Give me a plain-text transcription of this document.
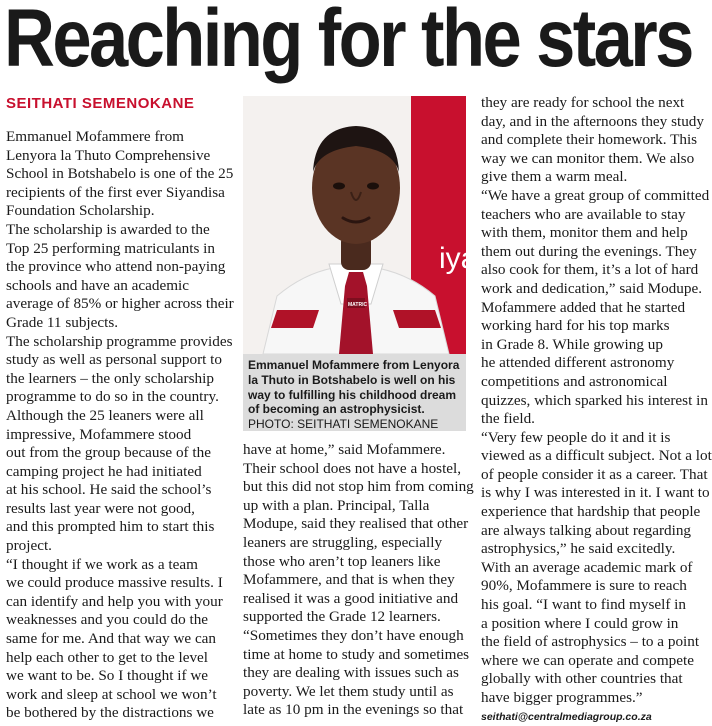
Reaching for the stars
SEITHATI SEMENOKANE

Emmanuel Mofammere from

Lenyora la Thuto Comprehensive

School in Botshabelo is one of the 25

recipients of the first ever Siyandisa

Foundation Scholarship.

The scholarship is awarded to the

Top 25 performing matriculants in

the province who attend non-paying

schools and have an academic

average of 85% or higher across their

Grade 11 subjects.

The scholarship programme provides

study as well as personal support to

the learners – the only scholarship

programme to do so in the country.

Although the 25 leaners were all

impressive, Mofammere stood

out from the group because of the

camping project he had initiated

at his school. He said the school’s

results last year were not good,

and this prompted him to start this

project.

“I thought if we work as a team

we could produce massive results. I

can identify and help you with your

weaknesses and you could do the

same for me. And that way we can

help each other to get to the level

we want to be. So I thought if we

work and sleep at school we won’t

be bothered by the distractions we

iya
MATRIC
Emmanuel Mofammere from Lenyora la Thuto in Botshabelo is well on his way to fulfilling his childhood dream of becoming an astrophysicist. PHOTO: SEITHATI SEMENOKANE

have at home,” said Mofammere.

Their school does not have a hostel,

but this did not stop him from coming

up with a plan. Principal, Talla

Modupe, said they realised that other

leaners are struggling, especially

those who aren’t top leaners like

Mofammere, and that is when they

realised it was a good initiative and

supported the Grade 12 learners.

“Sometimes they don’t have enough

time at home to study and sometimes

they are dealing with issues such as

poverty. We let them study until as

late as 10 pm in the evenings so that

they are ready for school the next

day, and in the afternoons they study

and complete their homework. This

way we can monitor them. We also

give them a warm meal.

“We have a great group of committed

teachers who are available to stay

with them, monitor them and help

them out during the evenings. They

also cook for them, it’s a lot of hard

work and dedication,” said Modupe.

Mofammere added that he started

working hard for his top marks

in Grade 8. While growing up

he attended different astronomy

competitions and astronomical

quizzes, which sparked his interest in

the field.

“Very few people do it and it is

viewed as a difficult subject. Not a lot

of people consider it as a career. That

is why I was interested in it. I want to

experience that hardship that people

are always talking about regarding

astrophysics,” he said excitedly.

With an average academic mark of

90%, Mofammere is sure to reach

his goal. “I want to find myself in

a position where I could grow in

the field of astrophysics – to a point

where we can operate and compete

globally with other countries that

have bigger programmes.”

seithati@centralmediagroup.co.za
